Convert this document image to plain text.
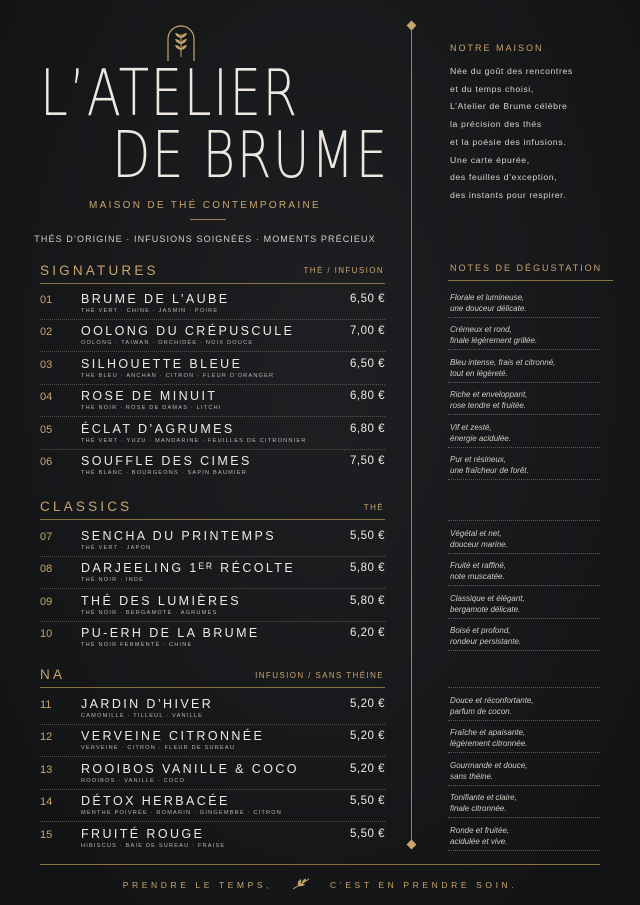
L’ATELIER
DE BRUME
MAISON DE THÉ CONTEMPORAINE
THÉS D’ORIGINE · INFUSIONS SOIGNÉES · MOMENTS PRÉCIEUX
NOTRE MAISON
Née du goût des rencontres
et du temps choisi,
L’Atelier de Brume célèbre
la précision des thés
et la poésie des infusions.
Une carte épurée,
des feuilles d’exception,
des instants pour respirer.
NOTES DE DÉGUSTATION
SIGNATURES	THÉ / INFUSION
CLASSICS	THÉ
NA	INFUSION / SANS THÉINE
01 BRUME DE L’AUBE
THÉ VERT · CHINE · JASMIN · POIRE
6,50 €	Florale et lumineuse,
une douceur délicate.
02 OOLONG DU CRÉPUSCULE
OOLONG · TAIWAN · ORCHIDÉE · NOIX DOUCE
7,00 €	Crémeux et rond,
finale légèrement grillée.
03 SILHOUETTE BLEUE
THÉ BLEU · ANCHAN · CITRON · FLEUR D’ORANGER
6,50 €	Bleu intense, frais et citronné,
tout en légèreté.
04 ROSE DE MINUIT
THÉ NOIR · ROSE DE DAMAS · LITCHI
6,80 €	Riche et enveloppant,
rose tendre et fruitée.
05 ÉCLAT D’AGRUMES
THÉ VERT · YUZU · MANDARINE · FEUILLES DE CITRONNIER
6,80 €	Vif et zesté,
énergie acidulée.
06 SOUFFLE DES CIMES
THÉ BLANC · BOURGEONS · SAPIN BAUMIER
7,50 €	Pur et résineux,
une fraîcheur de forêt.
07 SENCHA DU PRINTEMPS
THÉ VERT · JAPON
5,50 €	Végétal et net,
douceur marine.
08 DARJEELING 1ᴱᴿ RÉCOLTE
THÉ NOIR · INDE
5,80 €	Fruité et raffiné,
note muscatée.
09 THÉ DES LUMIÈRES
THÉ NOIR · BERGAMOTE · AGRUMES
5,80 €	Classique et élégant,
bergamote délicate.
10 PU-ERH DE LA BRUME
THÉ NOIR FERMENTÉ · CHINE
6,20 €	Boisé et profond,
rondeur persistante.
11 JARDIN D’HIVER
CAMOMILLE · TILLEUL · VANILLE
5,20 €	Douce et réconfortante,
parfum de cocon.
12 VERVEINE CITRONNÉE
VERVEINE · CITRON · FLEUR DE SUREAU
5,20 €	Fraîche et apaisante,
légèrement citronnée.
13 ROOIBOS VANILLE & COCO
ROOIBOS · VANILLE · COCO
5,20 €	Gourmande et douce,
sans théine.
14 DÉTOX HERBACÉE
MENTHE POIVRÉE · ROMARIN · GINGEMBRE · CITRON
5,50 €	Tonifiante et claire,
finale citronnée.
15 FRUITÉ ROUGE
HIBISCUS · BAIE DE SUREAU · FRAISE
5,50 €	Ronde et fruitée,
acidulée et vive.
PRENDRE LE TEMPS,	C’EST EN PRENDRE SOIN.
